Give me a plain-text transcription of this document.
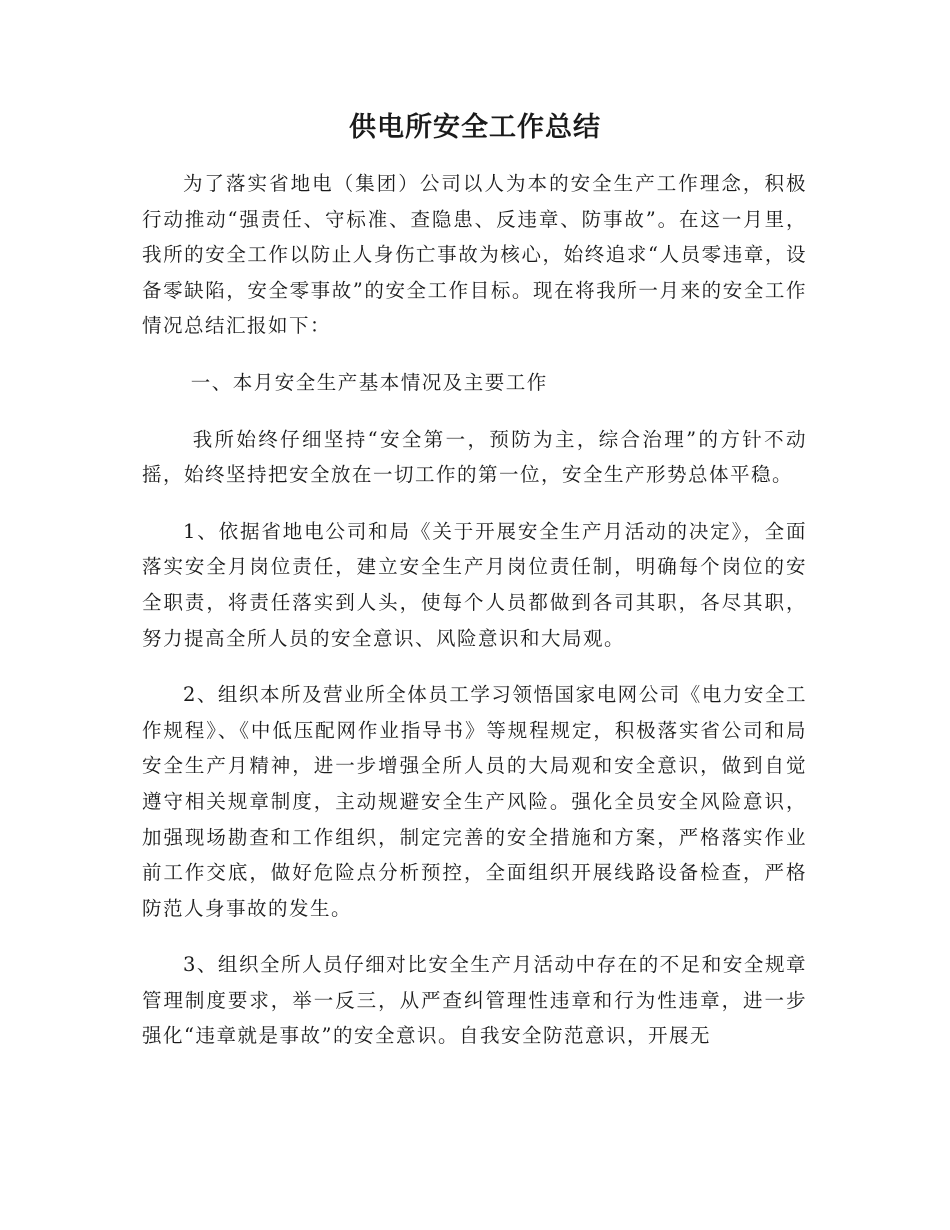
供电所安全工作总结

为了落实省地电（集团）公司以人为本的安全生产工作理念，积极行动推动“强责任、守标准、查隐患、反违章、防事故”。在这一月里，我所的安全工作以防止人身伤亡事故为核心，始终追求“人员零违章，设备零缺陷，安全零事故”的安全工作目标。现在将我所一月来的安全工作情况总结汇报如下：

一、本月安全生产基本情况及主要工作

我所始终仔细坚持“安全第一，预防为主，综合治理”的方针不动摇，始终坚持把安全放在一切工作的第一位，安全生产形势总体平稳。

1、依据省地电公司和局《关于开展安全生产月活动的决定》，全面落实安全月岗位责任，建立安全生产月岗位责任制，明确每个岗位的安全职责，将责任落实到人头，使每个人员都做到各司其职，各尽其职，努力提高全所人员的安全意识、风险意识和大局观。

2、组织本所及营业所全体员工学习领悟国家电网公司《电力安全工作规程》、《中低压配网作业指导书》等规程规定，积极落实省公司和局安全生产月精神，进一步增强全所人员的大局观和安全意识，做到自觉遵守相关规章制度，主动规避安全生产风险。强化全员安全风险意识，加强现场勘查和工作组织，制定完善的安全措施和方案，严格落实作业前工作交底，做好危险点分析预控，全面组织开展线路设备检查，严格防范人身事故的发生。

3、组织全所人员仔细对比安全生产月活动中存在的不足和安全规章管理制度要求，举一反三，从严查纠管理性违章和行为性违章，进一步强化“违章就是事故”的安全意识。自我安全防范意识，开展无
